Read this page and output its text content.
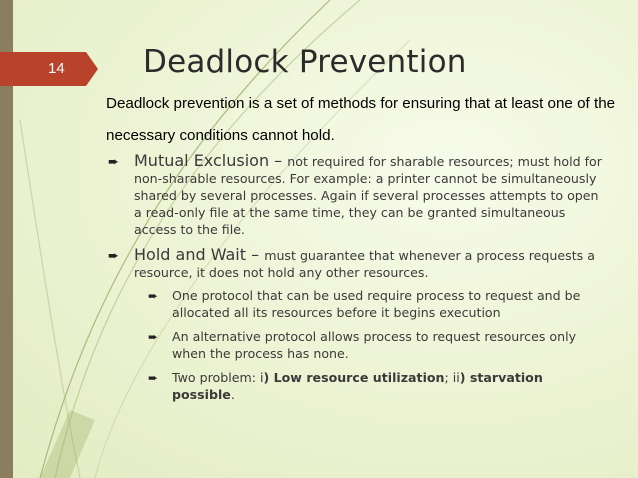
14	Deadlock Prevention

Deadlock prevention is a set of methods for ensuring that at least one of the
necessary conditions cannot hold.

➨ Mutual Exclusion – not required for sharable resources; must hold for non-sharable resources. For example: a printer cannot be simultaneously shared by several processes. Again if several processes attempts to open a read-only file at the same time, they can be granted simultaneous access to the file.
➨ Hold and Wait – must guarantee that whenever a process requests a resource, it does not hold any other resources.
➨ One protocol that can be used require process to request and be allocated all its resources before it begins execution
➨ An alternative protocol allows process to request resources only when the process has none.
➨ Two problem: i) Low resource utilization; ii) starvation possible.
